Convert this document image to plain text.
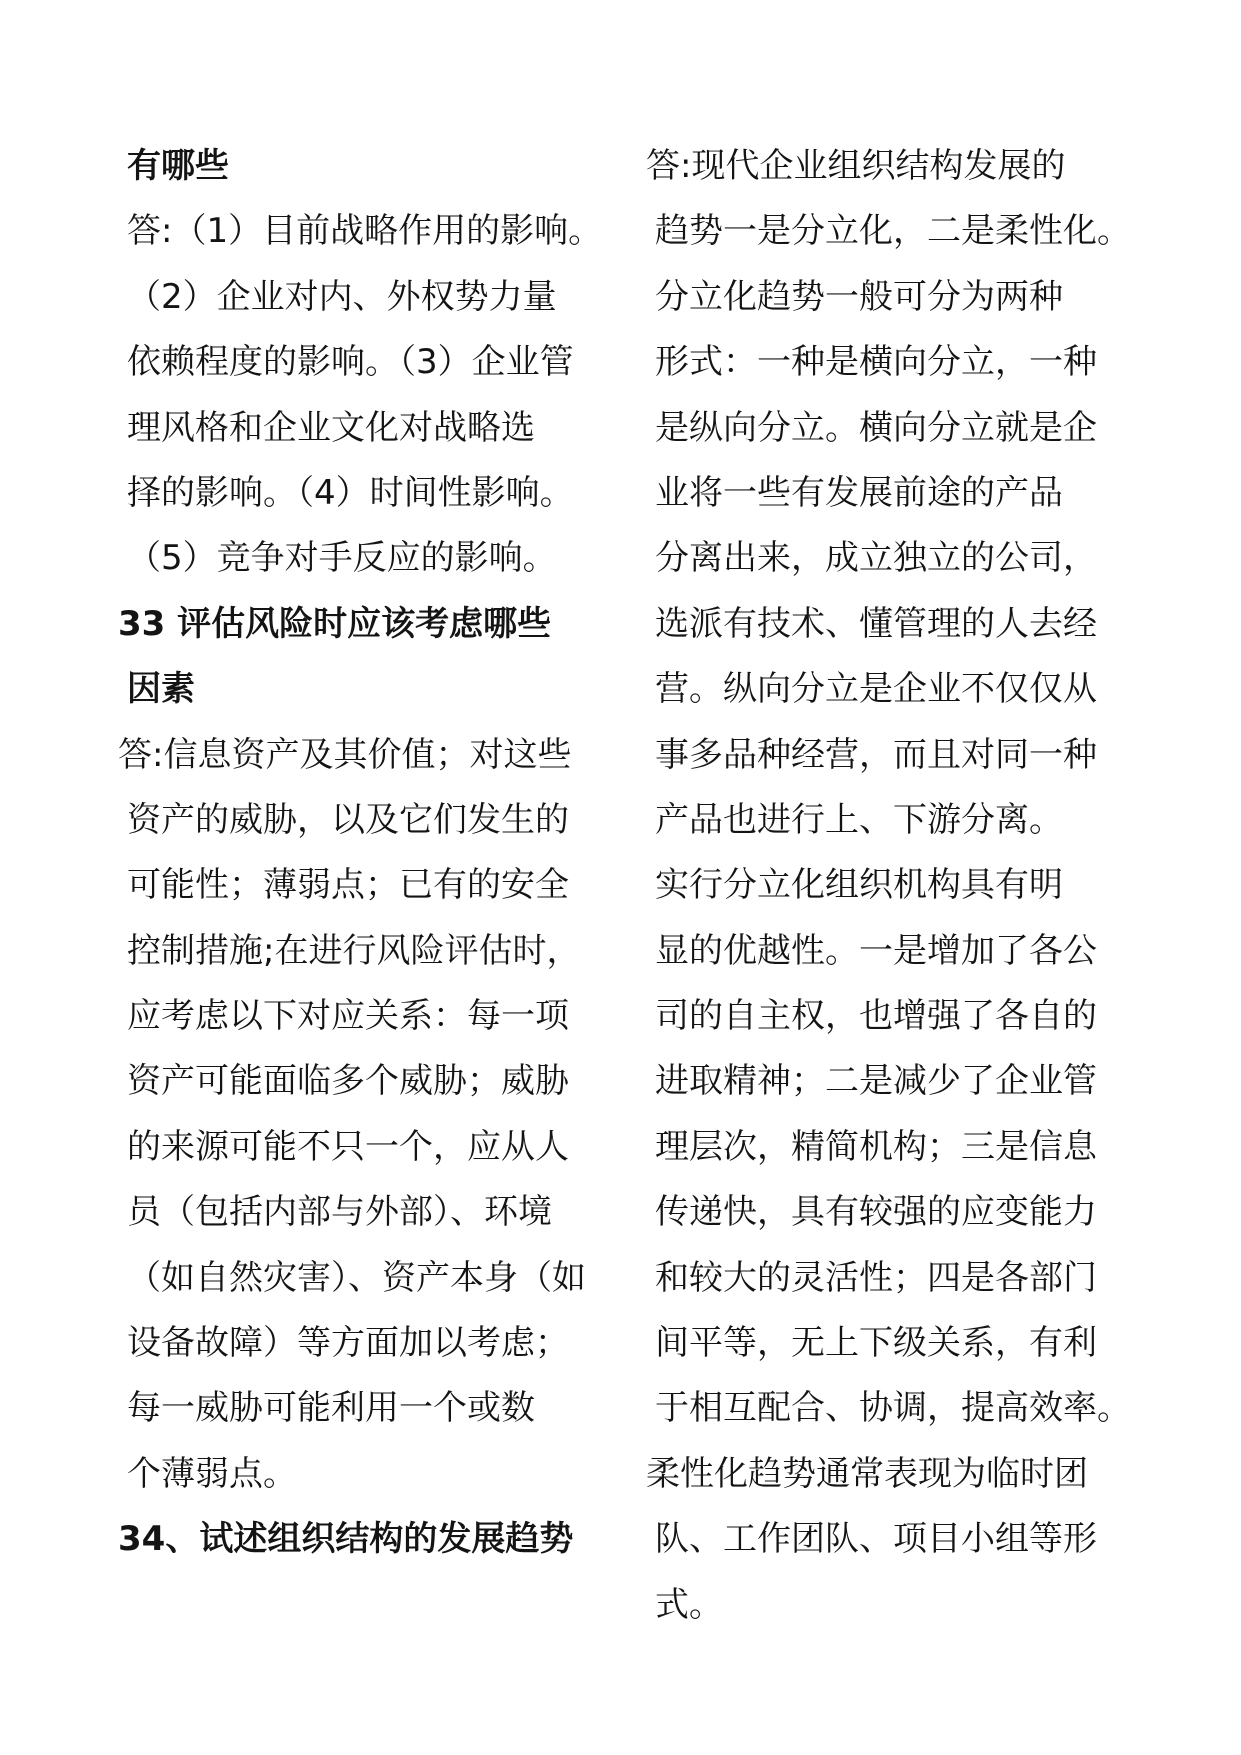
有哪些
答:（1）目前战略作用的影响。
（2）企业对内、外权势力量
依赖程度的影响。（3）企业管
理风格和企业文化对战略选
择的影响。（4）时间性影响。
（5）竞争对手反应的影响。
33 评估风险时应该考虑哪些
因素
答:信息资产及其价值；对这些
资产的威胁，以及它们发生的
可能性；薄弱点；已有的安全
控制措施;在进行风险评估时，
应考虑以下对应关系：每一项
资产可能面临多个威胁；威胁
的来源可能不只一个，应从人
员（包括内部与外部）、环境
（如自然灾害）、资产本身（如
设备故障）等方面加以考虑；
每一威胁可能利用一个或数
个薄弱点。
34、试述组织结构的发展趋势
答:现代企业组织结构发展的
趋势一是分立化，二是柔性化。
分立化趋势一般可分为两种
形式：一种是横向分立，一种
是纵向分立。横向分立就是企
业将一些有发展前途的产品
分离出来，成立独立的公司，
选派有技术、懂管理的人去经
营。纵向分立是企业不仅仅从
事多品种经营，而且对同一种
产品也进行上、下游分离。
实行分立化组织机构具有明
显的优越性。一是增加了各公
司的自主权，也增强了各自的
进取精神；二是减少了企业管
理层次，精简机构；三是信息
传递快，具有较强的应变能力
和较大的灵活性；四是各部门
间平等，无上下级关系，有利
于相互配合、协调，提高效率。
柔性化趋势通常表现为临时团
队、工作团队、项目小组等形
式。
